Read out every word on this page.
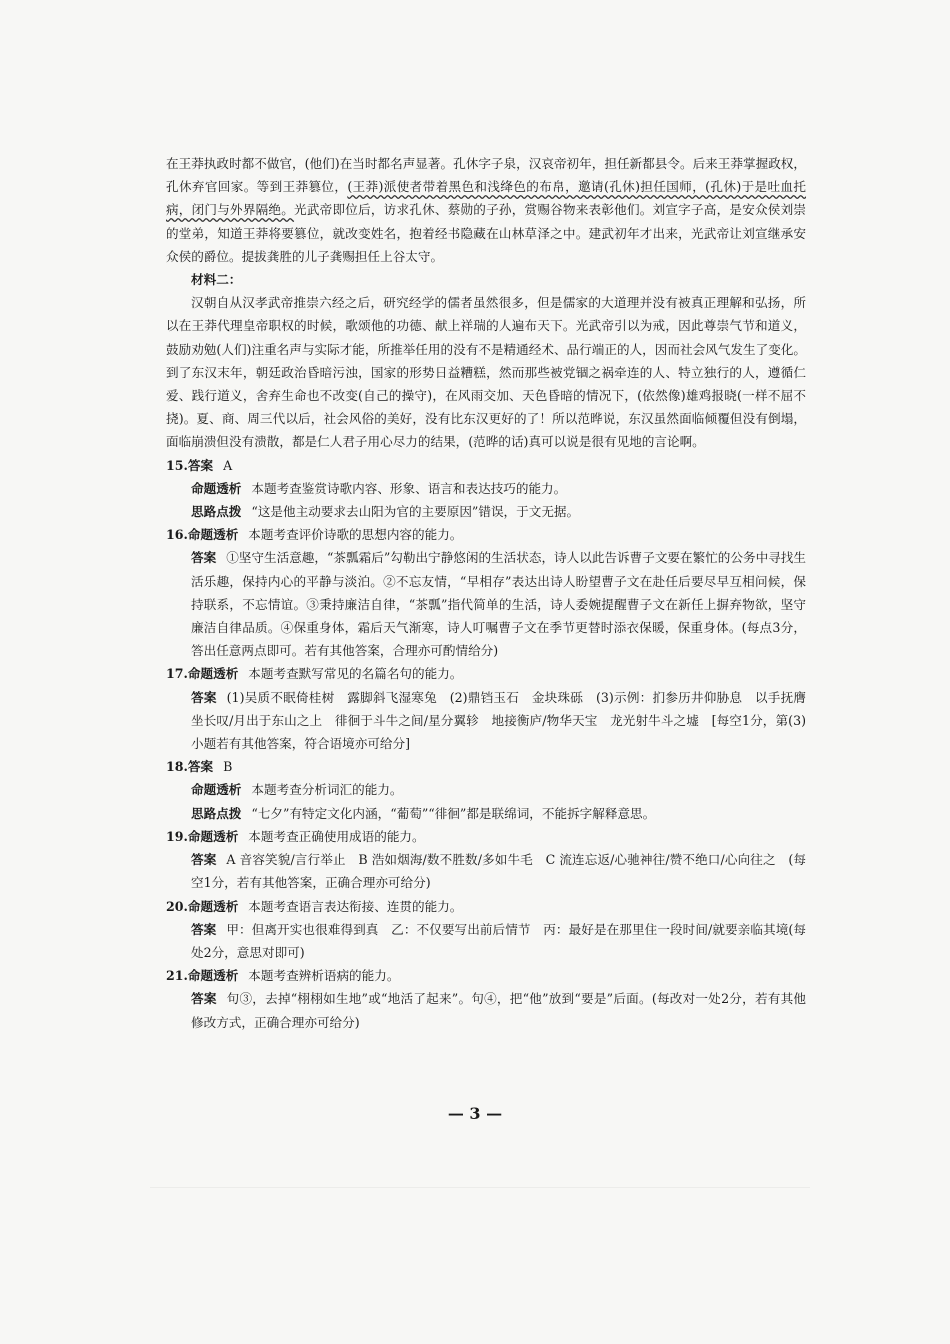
在王莽执政时都不做官，(他们)在当时都名声显著。孔休字子泉，汉哀帝初年，担任新都县令。后来王莽掌握政权，孔休弃官回家。等到王莽篡位，(王莽)派使者带着黑色和浅绛色的布帛，邀请(孔休)担任国师，(孔休)于是吐血托病，闭门与外界隔绝。光武帝即位后，访求孔休、蔡勋的子孙，赏赐谷物来表彰他们。刘宣字子高，是安众侯刘崇的堂弟，知道王莽将要篡位，就改变姓名，抱着经书隐藏在山林草泽之中。建武初年才出来，光武帝让刘宣继承安众侯的爵位。提拔龚胜的儿子龚赐担任上谷太守。

材料二：

汉朝自从汉孝武帝推崇六经之后，研究经学的儒者虽然很多，但是儒家的大道理并没有被真正理解和弘扬，所以在王莽代理皇帝职权的时候，歌颂他的功德、献上祥瑞的人遍布天下。光武帝引以为戒，因此尊崇气节和道义，鼓励劝勉(人们)注重名声与实际才能，所推举任用的没有不是精通经术、品行端正的人，因而社会风气发生了变化。到了东汉末年，朝廷政治昏暗污浊，国家的形势日益糟糕，然而那些被党锢之祸牵连的人、特立独行的人，遵循仁爱、践行道义，舍弃生命也不改变(自己的操守)，在风雨交加、天色昏暗的情况下，(依然像)雄鸡报晓(一样不屈不挠)。夏、商、周三代以后，社会风俗的美好，没有比东汉更好的了！所以范晔说，东汉虽然面临倾覆但没有倒塌，面临崩溃但没有溃散，都是仁人君子用心尽力的结果，(范晔的话)真可以说是很有见地的言论啊。

15.答案 A

命题透析 本题考查鉴赏诗歌内容、形象、语言和表达技巧的能力。

思路点拨 “这是他主动要求去山阳为官的主要原因”错误，于文无据。

16.命题透析 本题考查评价诗歌的思想内容的能力。

答案 ①坚守生活意趣，“茶瓢霜后”勾勒出宁静悠闲的生活状态，诗人以此告诉曹子文要在繁忙的公务中寻找生活乐趣，保持内心的平静与淡泊。②不忘友情，“早相存”表达出诗人盼望曹子文在赴任后要尽早互相问候，保持联系，不忘情谊。③秉持廉洁自律，“茶瓢”指代简单的生活，诗人委婉提醒曹子文在新任上摒弃物欲，坚守廉洁自律品质。④保重身体，霜后天气渐寒，诗人叮嘱曹子文在季节更替时添衣保暖，保重身体。(每点3分，答出任意两点即可。若有其他答案，合理亦可酌情给分)

17.命题透析 本题考查默写常见的名篇名句的能力。

答案 (1)吴质不眠倚桂树　露脚斜飞湿寒兔　(2)鼎铛玉石　金块珠砾　(3)示例：扪参历井仰胁息　以手抚膺坐长叹/月出于东山之上　徘徊于斗牛之间/星分翼轸　地接衡庐/物华天宝　龙光射牛斗之墟　[每空1分，第(3)小题若有其他答案，符合语境亦可给分]

18.答案 B

命题透析 本题考查分析词汇的能力。

思路点拨 “七夕”有特定文化内涵，“葡萄”“徘徊”都是联绵词，不能拆字解释意思。

19.命题透析 本题考查正确使用成语的能力。

答案 A 音容笑貌/言行举止　B 浩如烟海/数不胜数/多如牛毛　C 流连忘返/心驰神往/赞不绝口/心向往之　(每空1分，若有其他答案，正确合理亦可给分)

20.命题透析 本题考查语言表达衔接、连贯的能力。

答案 甲：但离开实也很难得到真　乙：不仅要写出前后情节　丙：最好是在那里住一段时间/就要亲临其境(每处2分，意思对即可)

21.命题透析 本题考查辨析语病的能力。

答案 句③，去掉“栩栩如生地”或“地活了起来”。句④，把“他”放到“要是”后面。(每改对一处2分，若有其他修改方式，正确合理亦可给分)

— 3 —
